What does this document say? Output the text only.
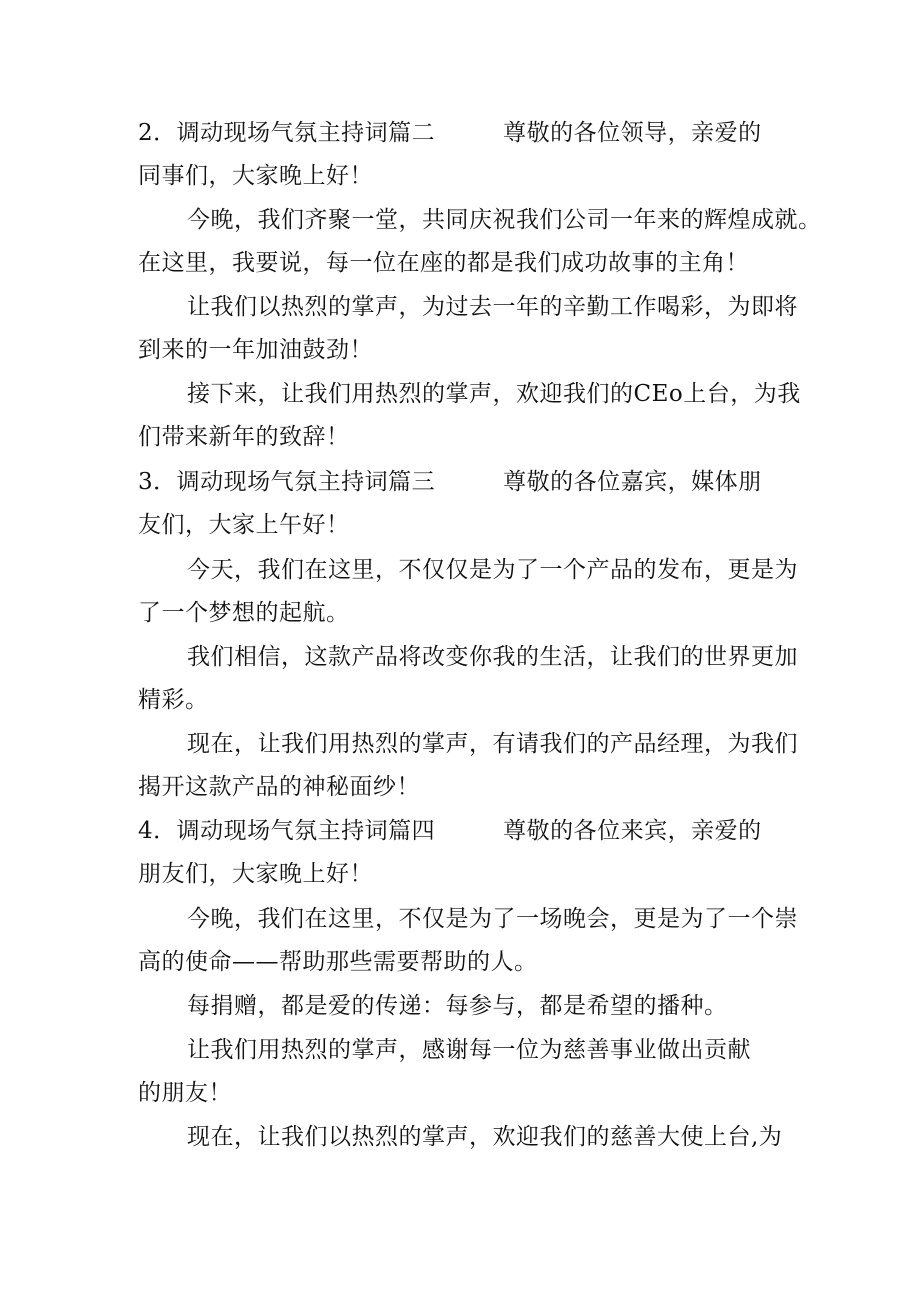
2．调动现场气氛主持词篇二	尊敬的各位领导，亲爱的
同事们，大家晚上好！
今晚，我们齐聚一堂，共同庆祝我们公司一年来的辉煌成就。
在这里，我要说，每一位在座的都是我们成功故事的主角！
让我们以热烈的掌声，为过去一年的辛勤工作喝彩，为即将
到来的一年加油鼓劲！
接下来，让我们用热烈的掌声，欢迎我们的CEo上台，为我
们带来新年的致辞！
3．调动现场气氛主持词篇三	尊敬的各位嘉宾，媒体朋
友们，大家上午好！
今天，我们在这里，不仅仅是为了一个产品的发布，更是为
了一个梦想的起航。
我们相信，这款产品将改变你我的生活，让我们的世界更加
精彩。
现在，让我们用热烈的掌声，有请我们的产品经理，为我们
揭开这款产品的神秘面纱！
4．调动现场气氛主持词篇四	尊敬的各位来宾，亲爱的
朋友们，大家晚上好！
今晚，我们在这里，不仅是为了一场晚会，更是为了一个崇
高的使命——帮助那些需要帮助的人。
每捐赠，都是爱的传递：每参与，都是希望的播种。
让我们用热烈的掌声，感谢每一位为慈善事业做出贡献
的朋友！
现在，让我们以热烈的掌声，欢迎我们的慈善大使上台,为
